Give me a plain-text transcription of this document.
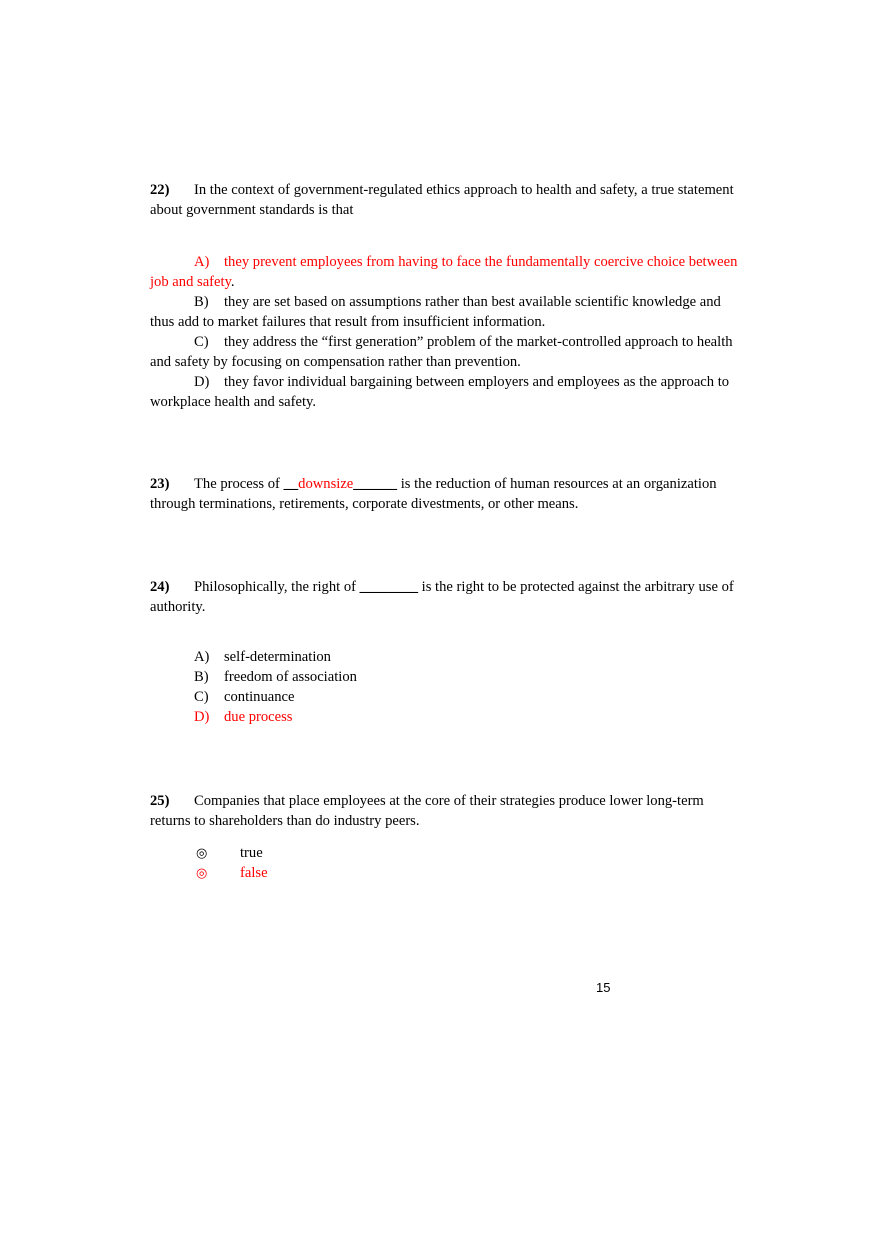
22) In the context of government-regulated ethics approach to health and safety, a true statement about government standards is that
A) they prevent employees from having to face the fundamentally coercive choice between job and safety.
B) they are set based on assumptions rather than best available scientific knowledge and thus add to market failures that result from insufficient information.
C) they address the “first generation” problem of the market-controlled approach to health and safety by focusing on compensation rather than prevention.
D) they favor individual bargaining between employers and employees as the approach to workplace health and safety.
23) The process of __downsize______ is the reduction of human resources at an organization through terminations, retirements, corporate divestments, or other means.
24) Philosophically, the right of ________ is the right to be protected against the arbitrary use of authority.
A) self-determination
B) freedom of association
C) continuance
D) due process
25) Companies that place employees at the core of their strategies produce lower long-term returns to shareholders than do industry peers.
◎ true
◎ false
15
